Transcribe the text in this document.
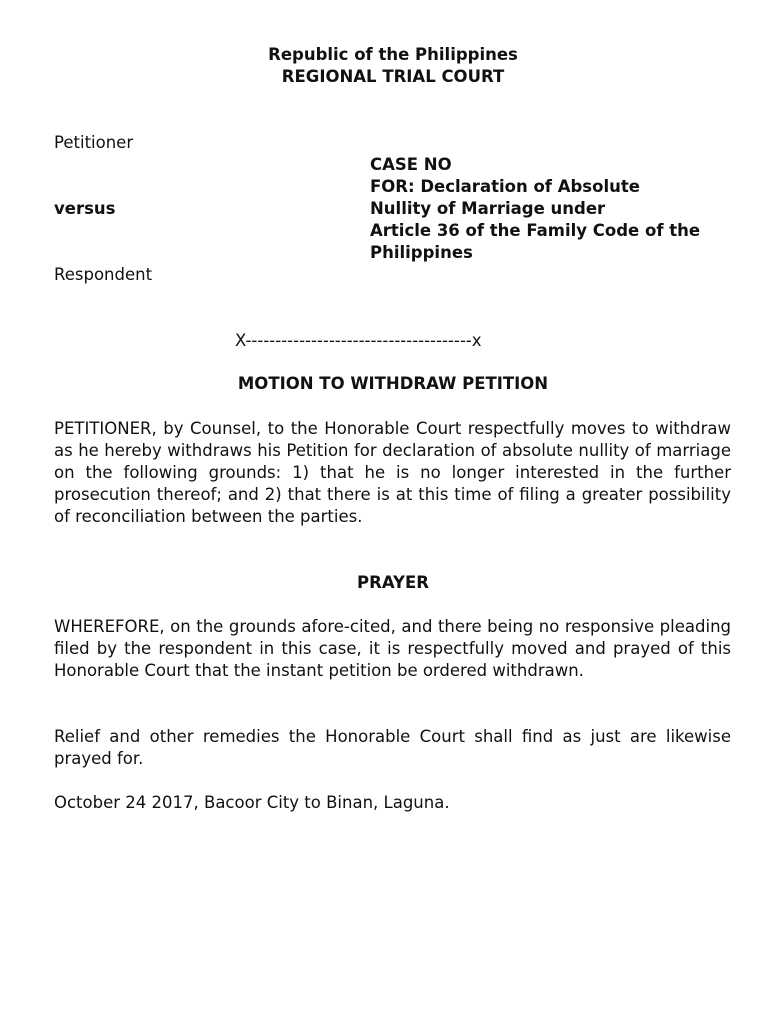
Republic of the Philippines
REGIONAL TRIAL COURT
Petitioner
versus
Respondent
CASE NO
FOR: Declaration of Absolute
Nullity of Marriage under
Article 36 of the Family Code of the
Philippines
X--------------------------------------x
MOTION TO WITHDRAW PETITION
PETITIONER, by Counsel, to the Honorable Court respectfully moves to withdraw as he hereby withdraws his Petition for declaration of absolute nullity of marriage on the following grounds: 1) that he is no longer interested in the further prosecution thereof; and 2) that there is at this time of filing a greater possibility of reconciliation between the parties.
PRAYER
WHEREFORE, on the grounds afore-cited, and there being no responsive pleading filed by the respondent in this case, it is respectfully moved and prayed of this Honorable Court that the instant petition be ordered withdrawn.
Relief and other remedies the Honorable Court shall find as just are likewise prayed for.
October 24 2017, Bacoor City to Binan, Laguna.
